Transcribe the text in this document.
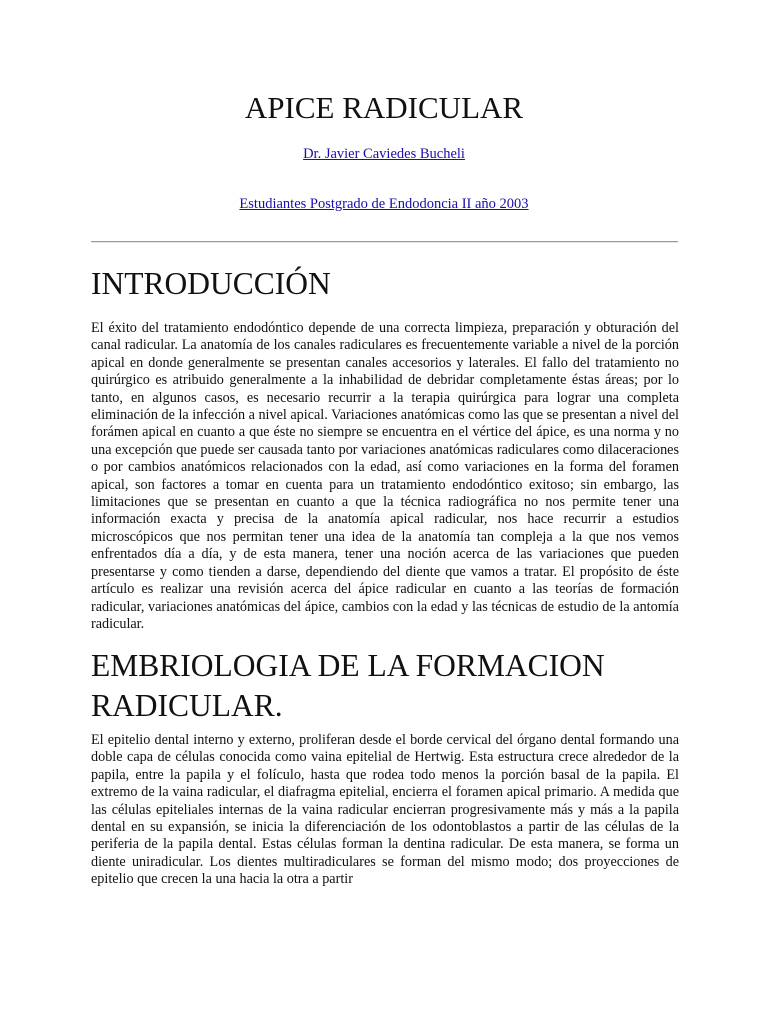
APICE RADICULAR
Dr. Javier Caviedes Bucheli
Estudiantes Postgrado de Endodoncia II año 2003
INTRODUCCIÓN

El éxito del tratamiento endodóntico depende de una correcta limpieza, preparación y obturación del canal radicular. La anatomía de los canales radiculares es frecuentemente variable a nivel de la porción apical en donde generalmente se presentan canales accesorios y laterales. El fallo del tratamiento no quirúrgico es atribuido generalmente a la inhabilidad de debridar completamente éstas áreas; por lo tanto, en algunos casos, es necesario recurrir a la terapia quirúrgica para lograr una completa eliminación de la infección a nivel apical. Variaciones anatómicas como las que se presentan a nivel del forámen apical en cuanto a que éste no siempre se encuentra en el vértice del ápice, es una norma y no una excepción que puede ser causada tanto por variaciones anatómicas radiculares como dilaceraciones o por cambios anatómicos relacionados con la edad, así como variaciones en la forma del foramen apical, son factores a tomar en cuenta para un tratamiento endodóntico exitoso; sin embargo, las limitaciones que se presentan en cuanto a que la técnica radiográfica no nos permite tener una información exacta y precisa de la anatomía apical radicular, nos hace recurrir a estudios microscópicos que nos permitan tener una idea de la anatomía tan compleja a la que nos vemos enfrentados día a día, y de esta manera, tener una noción acerca de las variaciones que pueden presentarse y como tienden a darse, dependiendo del diente que vamos a tratar. El propósito de éste artículo es realizar una revisión acerca del ápice radicular en cuanto a las teorías de formación radicular, variaciones anatómicas del ápice, cambios con la edad y las técnicas de estudio de la antomía radicular.

EMBRIOLOGIA DE LA FORMACION RADICULAR.

El epitelio dental interno y externo, proliferan desde el borde cervical del órgano dental formando una doble capa de células conocida como vaina epitelial de Hertwig. Esta estructura crece alrededor de la papila, entre la papila y el folículo, hasta que rodea todo menos la porción basal de la papila. El extremo de la vaina radicular, el diafragma epitelial, encierra el foramen apical primario. A medida que las células epiteliales internas de la vaina radicular encierran progresivamente más y más a la papila dental en su expansión, se inicia la diferenciación de los odontoblastos a partir de las células de la periferia de la papila dental. Estas células forman la dentina radicular. De esta manera, se forma un diente uniradicular. Los dientes multiradiculares se forman del mismo modo; dos proyecciones de epitelio que crecen la una hacia la otra a partir
